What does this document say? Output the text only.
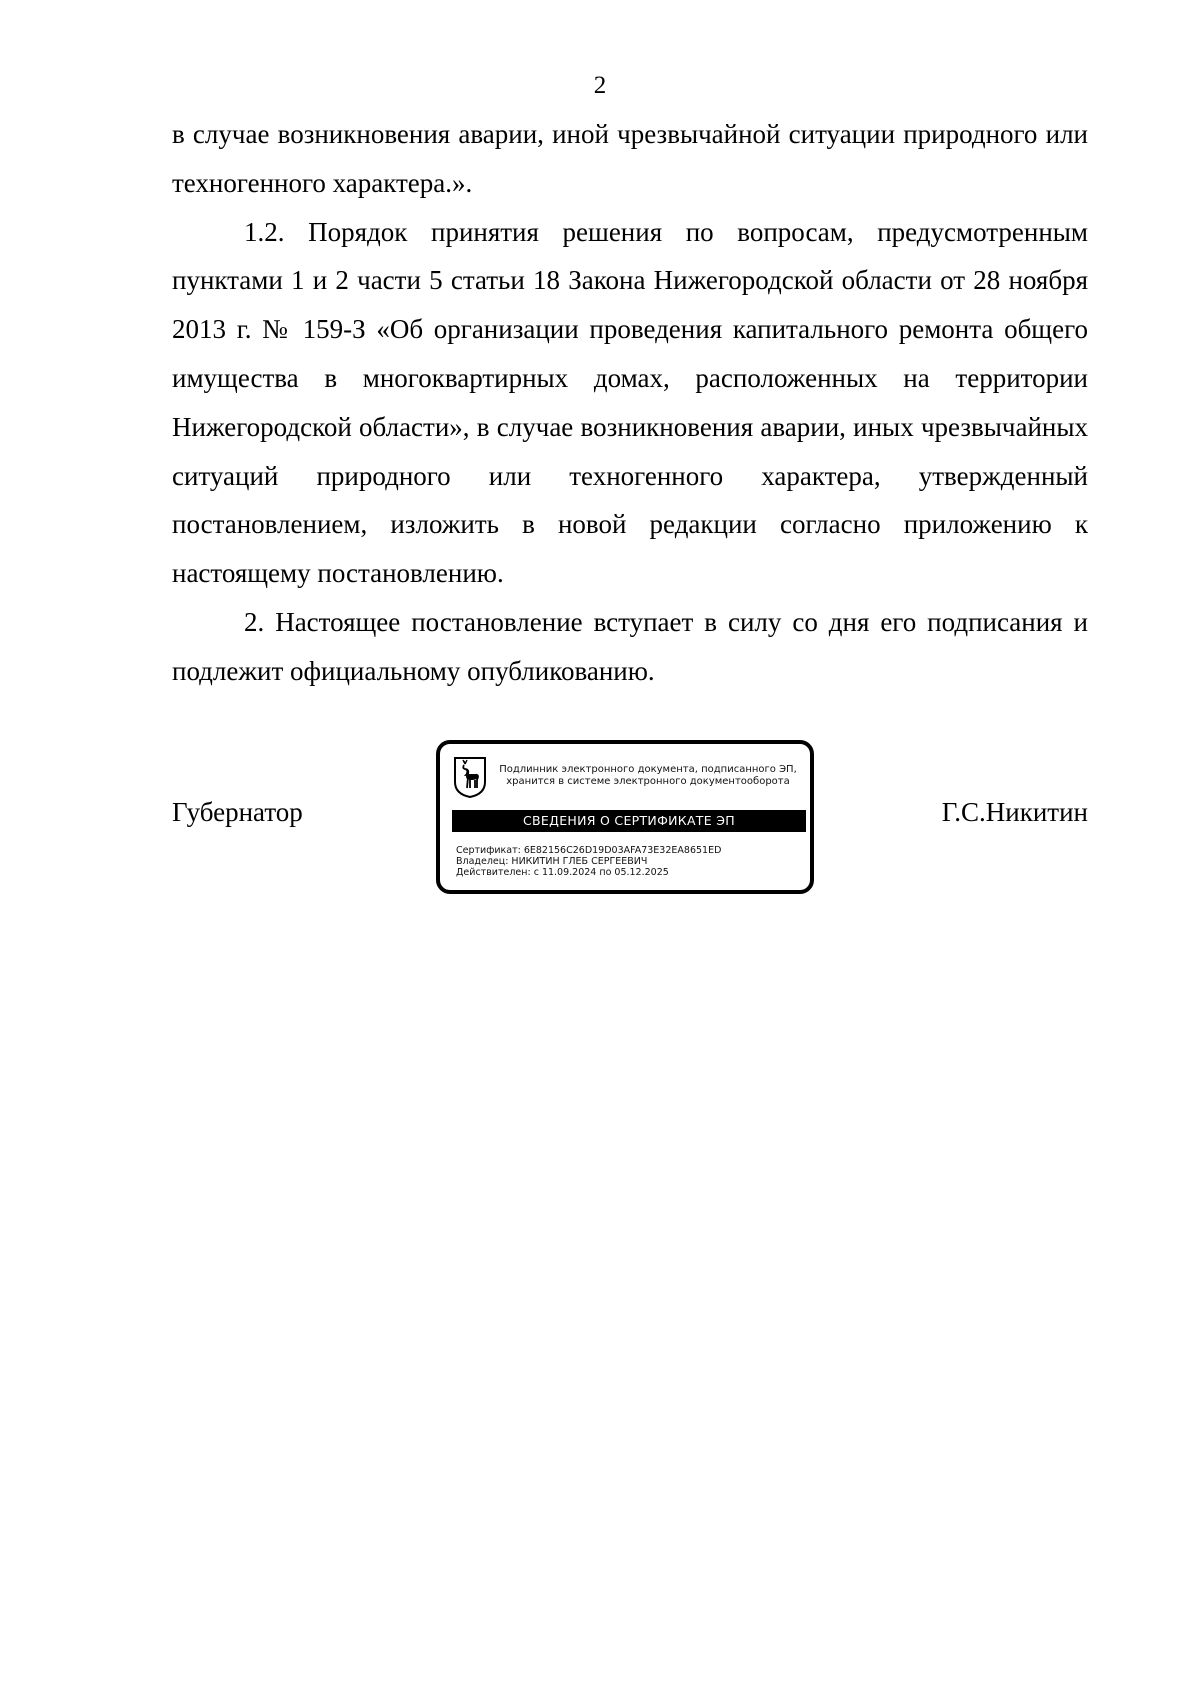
2

в случае возникновения аварии, иной чрезвычайной ситуации природного или техногенного характера.».

1.2. Порядок принятия решения по вопросам, предусмотренным пунктами 1 и 2 части 5 статьи 18 Закона Нижегородской области от 28 ноября 2013 г. № 159-З «Об организации проведения капитального ремонта общего имущества в многоквартирных домах, расположенных на территории Нижегородской области», в случае возникновения аварии, иных чрезвычайных ситуаций природного или техногенного характера, утвержденный постановлением, изложить в новой редакции согласно приложению к настоящему постановлению.

2. Настоящее постановление вступает в силу со дня его подписания и подлежит официальному опубликованию.

Губернатор
Подлинник электронного документа, подписанного ЭП,
хранится в системе электронного документооборота
СВЕДЕНИЯ О СЕРТИФИКАТЕ ЭП
Сертификат: 6E82156C26D19D03AFA73E32EA8651ED
Владелец: НИКИТИН ГЛЕБ СЕРГЕЕВИЧ
Действителен: с 11.09.2024 по 05.12.2025
Г.С.Никитин
